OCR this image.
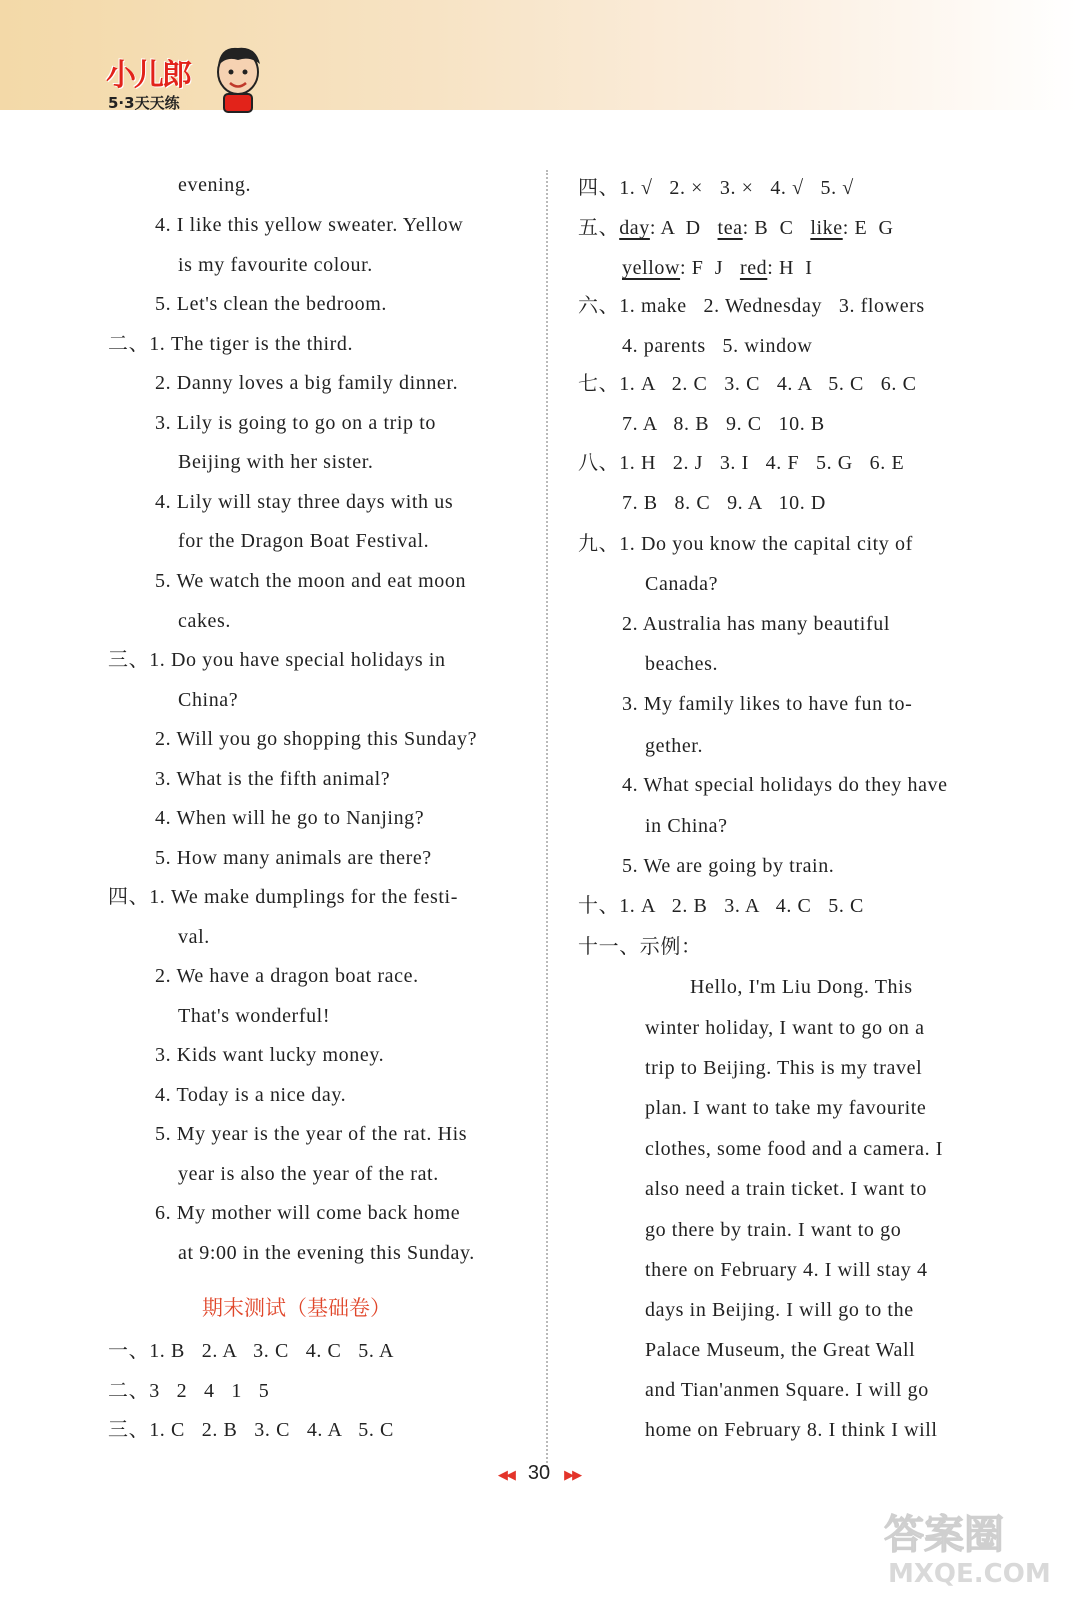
小儿郎
5·3天天练
evening.
4. I like this yellow sweater. Yellow
is my favourite colour.
5. Let's clean the bedroom.
二、1. The tiger is the third.
2. Danny loves a big family dinner.
3. Lily is going to go on a trip to
Beijing with her sister.
4. Lily will stay three days with us
for the Dragon Boat Festival.
5. We watch the moon and eat moon
cakes.
三、1. Do you have special holidays in
China?
2. Will you go shopping this Sunday?
3. What is the fifth animal?
4. When will he go to Nanjing?
5. How many animals are there?
四、1. We make dumplings for the festi-
val.
2. We have a dragon boat race.
That's wonderful!
3. Kids want lucky money.
4. Today is a nice day.
5. My year is the year of the rat. His
year is also the year of the rat.
6. My mother will come back home
at 9:00 in the evening this Sunday.
期末测试（基础卷）
一、1. B   2. A   3. C   4. C   5. A
二、3   2   4   1   5
三、1. C   2. B   3. C   4. A   5. C
四、1. √   2. ×   3. ×   4. √   5. √
五、day: A  D tea: B  C like: E  G
yellow: F  J red: H  I
六、1. make   2. Wednesday   3. flowers
4. parents   5. window
七、1. A   2. C   3. C   4. A   5. C   6. C
7. A   8. B   9. C   10. B
八、1. H   2. J   3. I   4. F   5. G   6. E
7. B   8. C   9. A   10. D
九、1. Do you know the capital city of
Canada?
2. Australia has many beautiful
beaches.
3. My family likes to have fun to-
gether.
4. What special holidays do they have
in China?
5. We are going by train.
十、1. A   2. B   3. A   4. C   5. C
十一、示例：
Hello, I'm Liu Dong. This
winter holiday, I want to go on a
trip to Beijing. This is my travel
plan. I want to take my favourite
clothes, some food and a camera. I
also need a train ticket. I want to
go there by train. I want to go
there on February 4. I will stay 4
days in Beijing. I will go to the
Palace Museum, the Great Wall
and Tian'anmen Square. I will go
home on February 8. I think I will
◀◀ 30 ▶▶
答案圈
MXQE.COM
